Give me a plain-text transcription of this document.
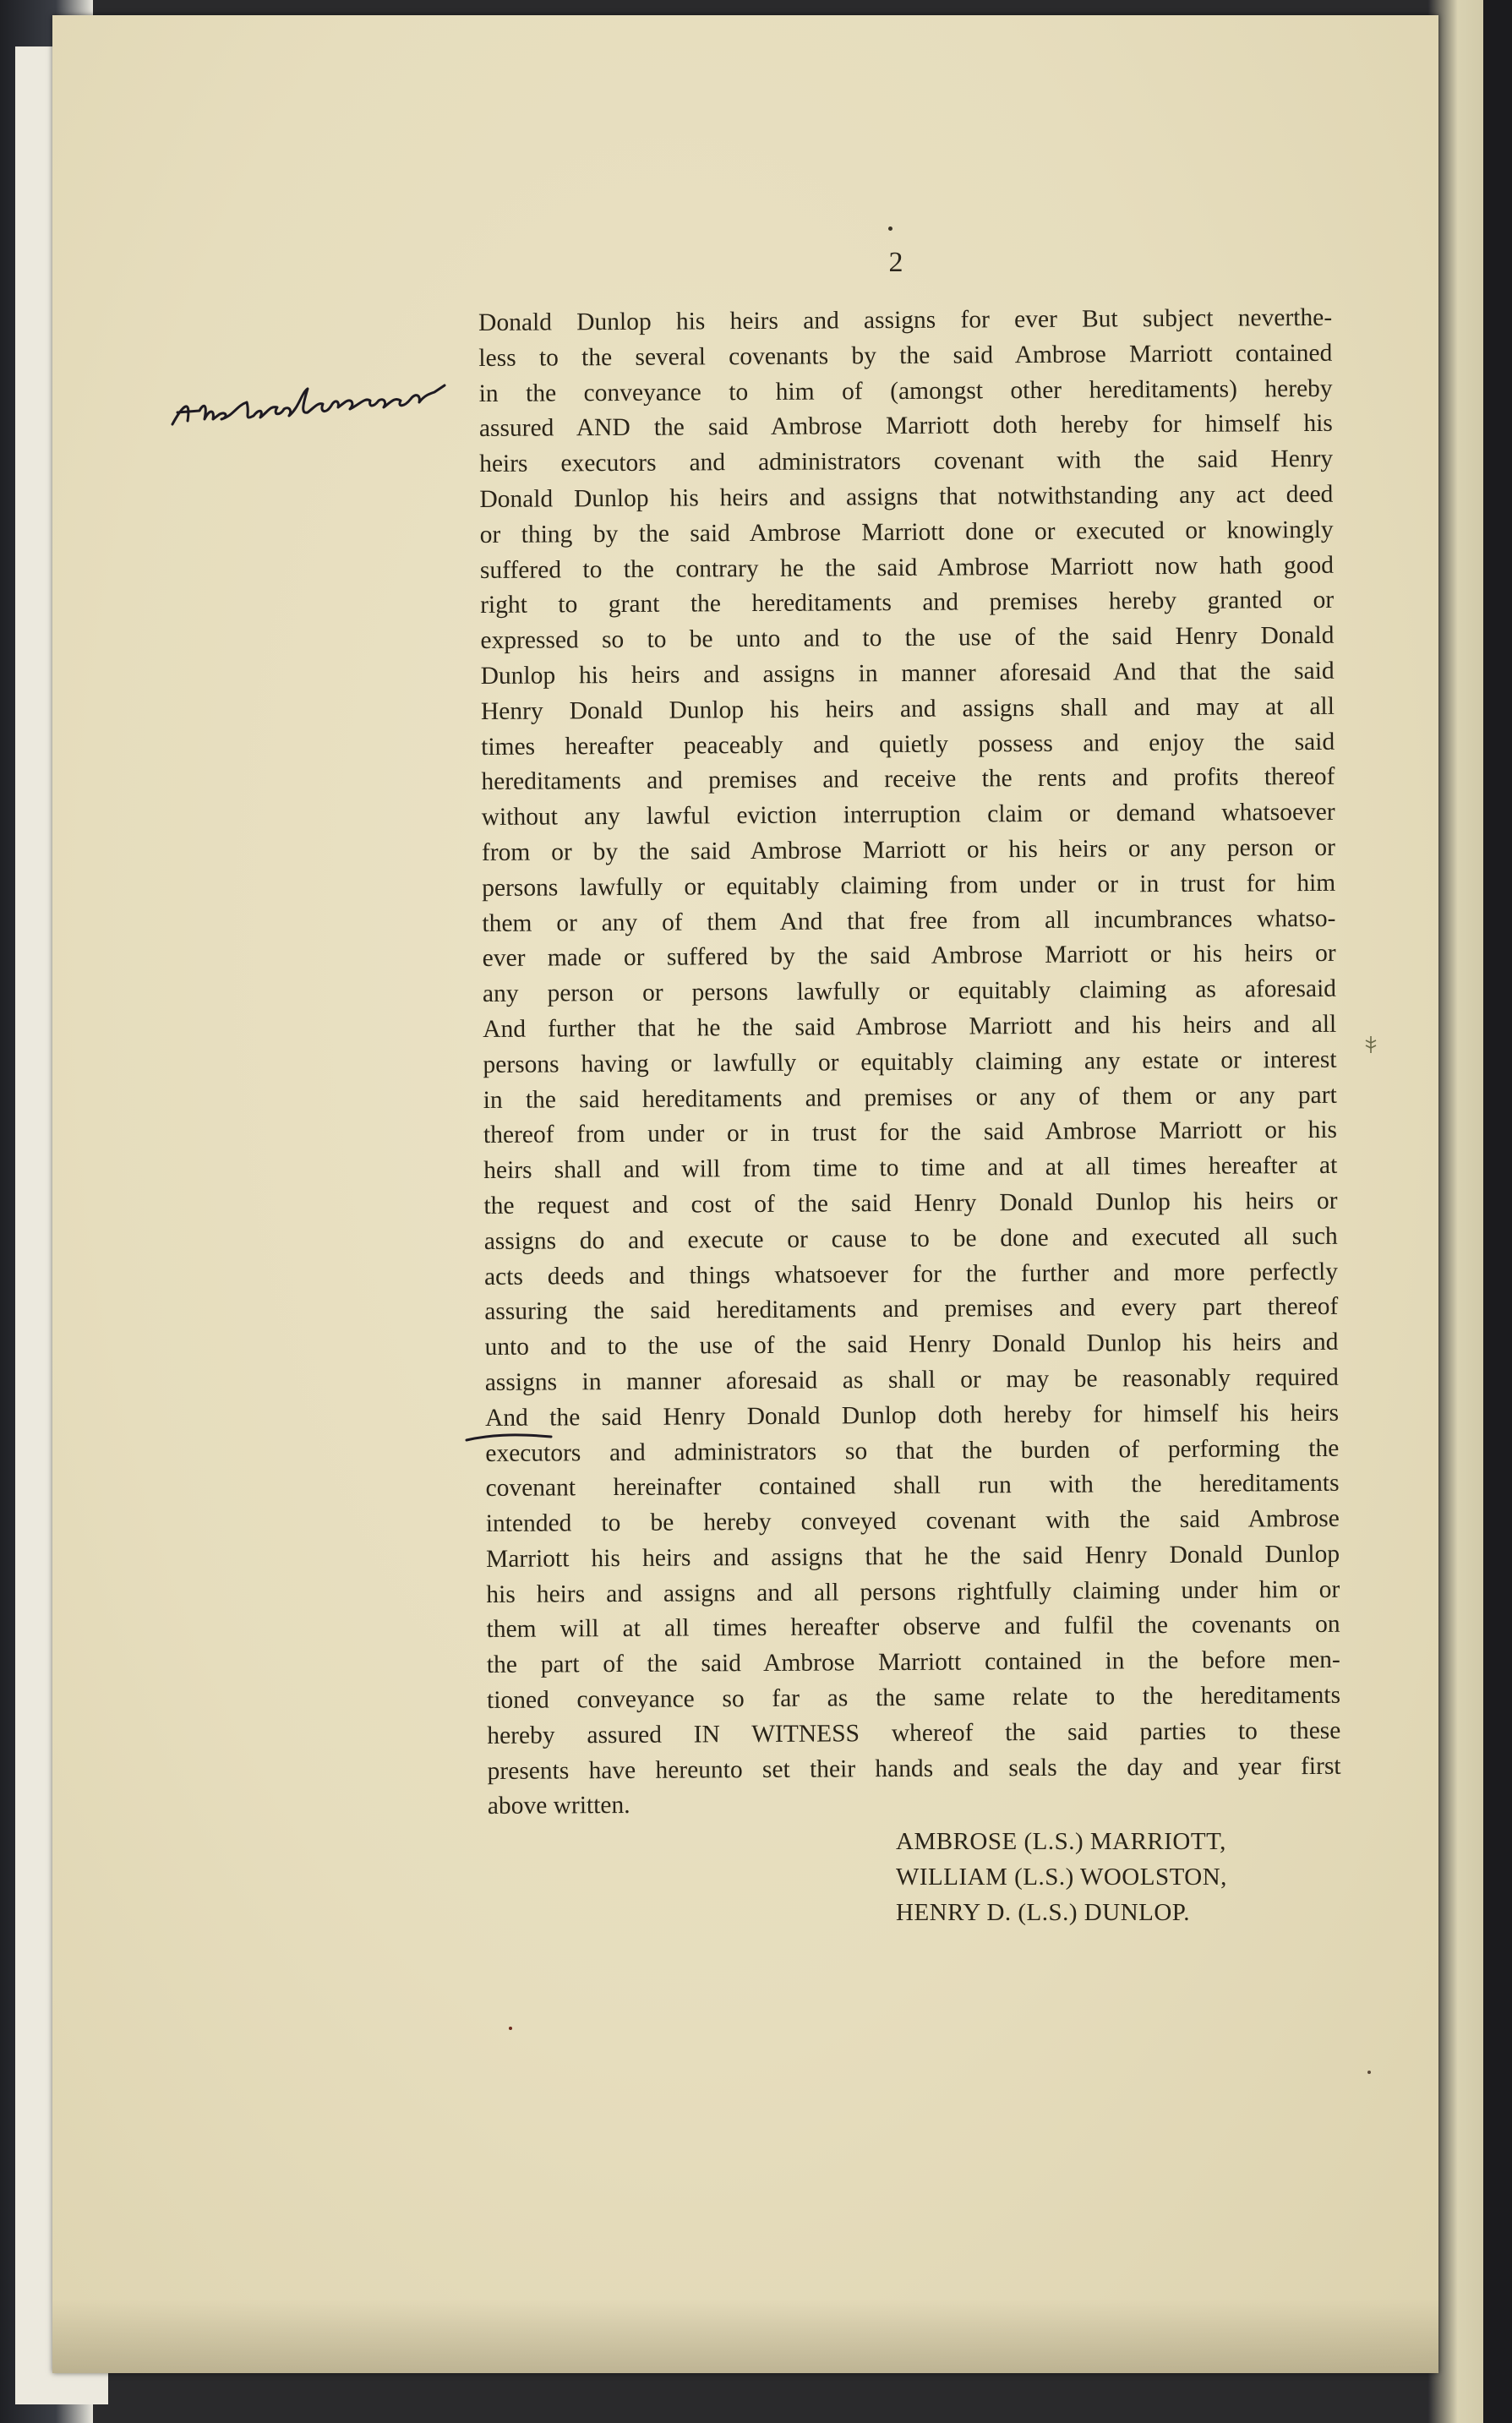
2
Donald Dunlop his heirs and assigns for ever But subject neverthe-
less to the several covenants by the said Ambrose Marriott contained
in the conveyance to him of (amongst other hereditaments) hereby
assured AND the said Ambrose Marriott doth hereby for himself his
heirs executors and administrators covenant with the said Henry
Donald Dunlop his heirs and assigns that notwithstanding any act deed
or thing by the said Ambrose Marriott done or executed or knowingly
suffered to the contrary he the said Ambrose Marriott now hath good
right to grant the hereditaments and premises hereby granted or
expressed so to be unto and to the use of the said Henry Donald
Dunlop his heirs and assigns in manner aforesaid And that the said
Henry Donald Dunlop his heirs and assigns shall and may at all
times hereafter peaceably and quietly possess and enjoy the said
hereditaments and premises and receive the rents and profits thereof
without any lawful eviction interruption claim or demand whatsoever
from or by the said Ambrose Marriott or his heirs or any person or
persons lawfully or equitably claiming from under or in trust for him
them or any of them And that free from all incumbrances whatso-
ever made or suffered by the said Ambrose Marriott or his heirs or
any person or persons lawfully or equitably claiming as aforesaid
And further that he the said Ambrose Marriott and his heirs and all
persons having or lawfully or equitably claiming any estate or interest
in the said hereditaments and premises or any of them or any part
thereof from under or in trust for the said Ambrose Marriott or his
heirs shall and will from time to time and at all times hereafter at
the request and cost of the said Henry Donald Dunlop his heirs or
assigns do and execute or cause to be done and executed all such
acts deeds and things whatsoever for the further and more perfectly
assuring the said hereditaments and premises and every part thereof
unto and to the use of the said Henry Donald Dunlop his heirs and
assigns in manner aforesaid as shall or may be reasonably required
And the said Henry Donald Dunlop doth hereby for himself his heirs
executors and administrators so that the burden of performing the
covenant hereinafter contained shall run with the hereditaments
intended to be hereby conveyed covenant with the said Ambrose
Marriott his heirs and assigns that he the said Henry Donald Dunlop
his heirs and assigns and all persons rightfully claiming under him or
them will at all times hereafter observe and fulfil the covenants on
the part of the said Ambrose Marriott contained in the before men-
tioned conveyance so far as the same relate to the hereditaments
hereby assured IN WITNESS whereof the said parties to these
presents have hereunto set their hands and seals the day and year first
above written.
AMBROSE (L.S.) MARRIOTT,
WILLIAM (L.S.) WOOLSTON,
HENRY D. (L.S.) DUNLOP.
